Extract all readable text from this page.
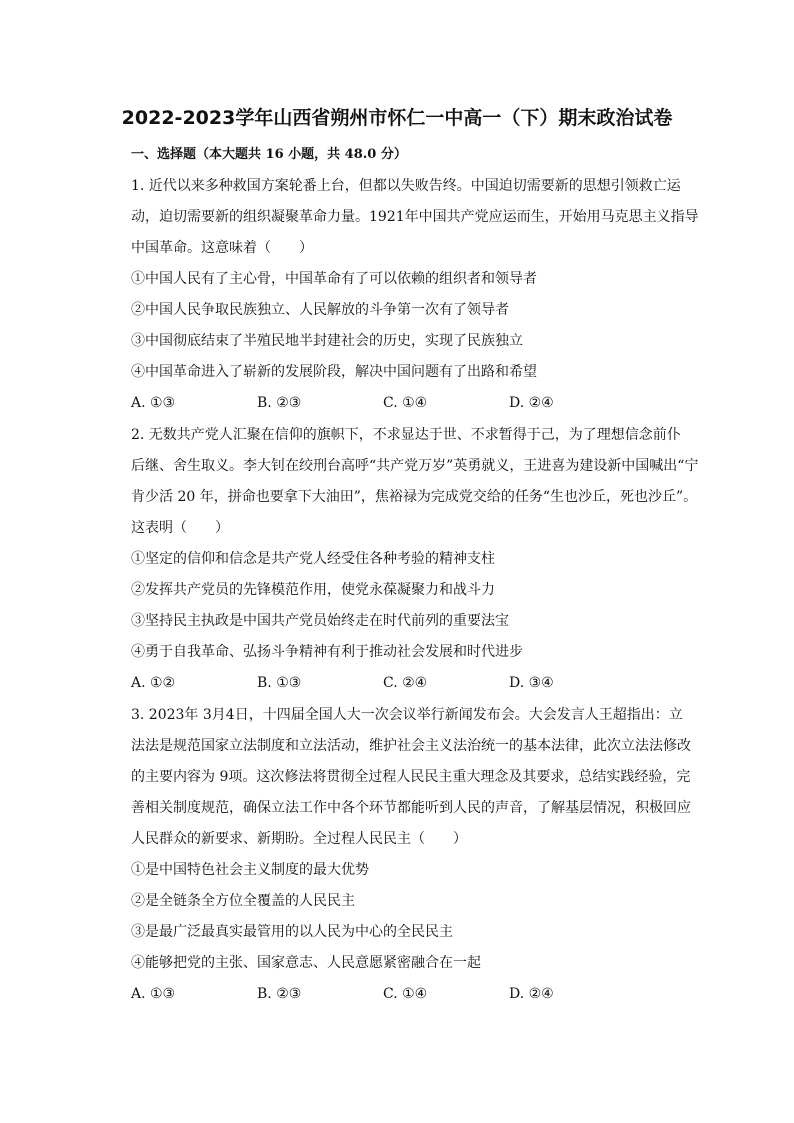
2022-2023学年山西省朔州市怀仁一中高一（下）期末政治试卷
一、选择题（本大题共 16 小题，共 48.0 分）

1. 近代以来多种救国方案轮番上台，但都以失败告终。中国迫切需要新的思想引领救亡运

动，迫切需要新的组织凝聚革命力量。1921年中国共产党应运而生，开始用马克思主义指导

中国革命。这意味着（　　）

①中国人民有了主心骨，中国革命有了可以依赖的组织者和领导者

②中国人民争取民族独立、人民解放的斗争第一次有了领导者

③中国彻底结束了半殖民地半封建社会的历史，实现了民族独立

④中国革命进入了崭新的发展阶段，解决中国问题有了出路和希望

A. ①③	B. ②③	C. ①④	D. ②④

2. 无数共产党人汇聚在信仰的旗帜下，不求显达于世、不求暂得于己，为了理想信念前仆

后继、舍生取义。李大钊在绞刑台高呼“共产党万岁”英勇就义，王进喜为建设新中国喊出“宁

肯少活 20 年，拼命也要拿下大油田”，焦裕禄为完成党交给的任务“生也沙丘，死也沙丘”。

这表明（　　）

①坚定的信仰和信念是共产党人经受住各种考验的精神支柱

②发挥共产党员的先锋模范作用，使党永葆凝聚力和战斗力

③坚持民主执政是中国共产党员始终走在时代前列的重要法宝

④勇于自我革命、弘扬斗争精神有利于推动社会发展和时代进步

A. ①②	B. ①③	C. ②④	D. ③④

3. 2023年 3月4日，十四届全国人大一次会议举行新闻发布会。大会发言人王超指出：立

法法是规范国家立法制度和立法活动，维护社会主义法治统一的基本法律，此次立法法修改

的主要内容为 9项。这次修法将贯彻全过程人民民主重大理念及其要求，总结实践经验，完

善相关制度规范，确保立法工作中各个环节都能听到人民的声音，了解基层情况，积极回应

人民群众的新要求、新期盼。全过程人民民主（　　）

①是中国特色社会主义制度的最大优势

②是全链条全方位全覆盖的人民民主

③是最广泛最真实最管用的以人民为中心的全民民主

④能够把党的主张、国家意志、人民意愿紧密融合在一起

A. ①③	B. ②③	C. ①④	D. ②④
